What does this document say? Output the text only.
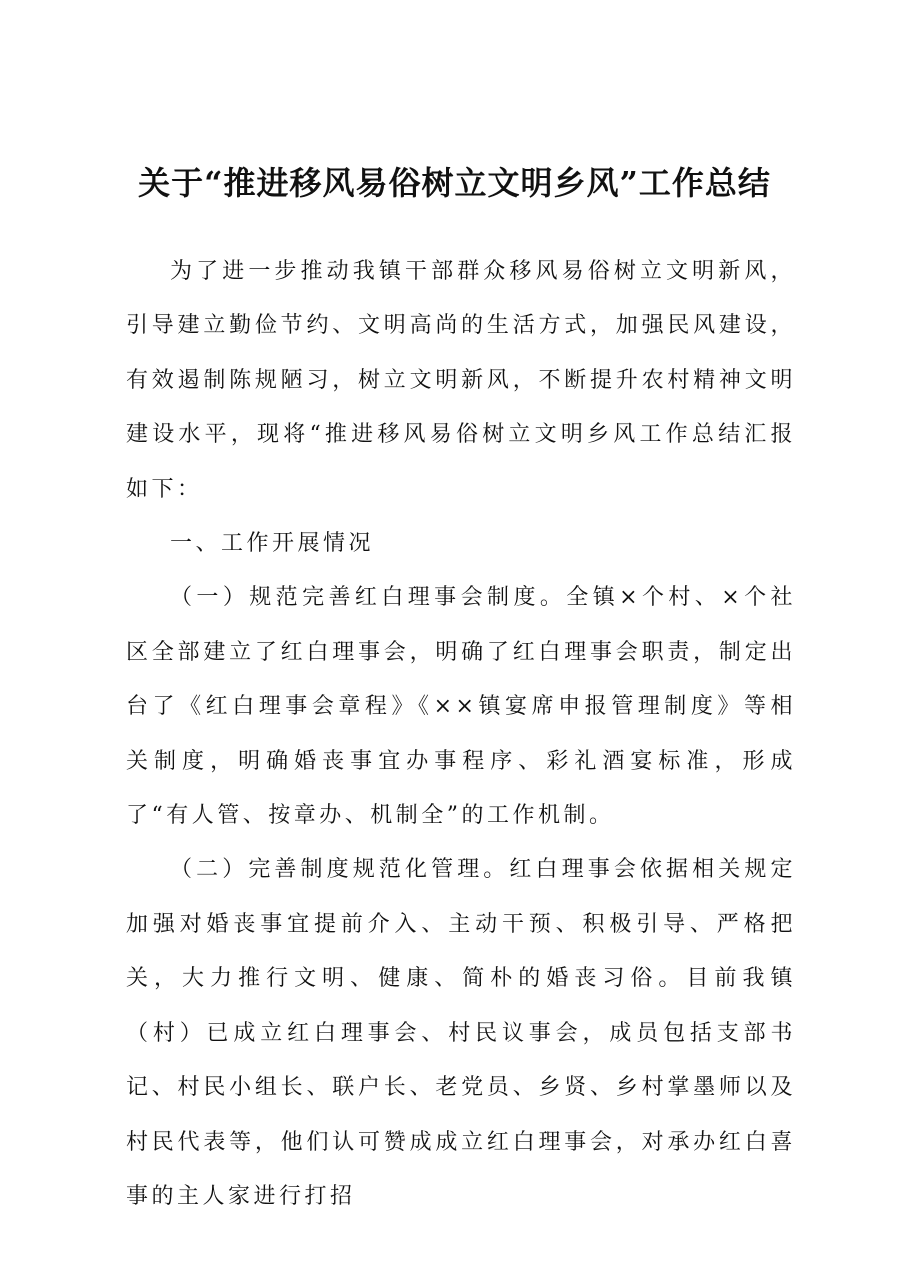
关于“推进移风易俗树立文明乡风”工作总结

为了进一步推动我镇干部群众移风易俗树立文明新风，引导建立勤俭节约、文明高尚的生活方式，加强民风建设，有效遏制陈规陋习，树立文明新风，不断提升农村精神文明建设水平，现将“推进移风易俗树立文明乡风工作总结汇报如下：

一、工作开展情况

（一）规范完善红白理事会制度。全镇×个村、×个社区全部建立了红白理事会，明确了红白理事会职责，制定出台了《红白理事会章程》《××镇宴席申报管理制度》等相关制度，明确婚丧事宜办事程序、彩礼酒宴标准，形成了“有人管、按章办、机制全”的工作机制。

（二）完善制度规范化管理。红白理事会依据相关规定加强对婚丧事宜提前介入、主动干预、积极引导、严格把关，大力推行文明、健康、简朴的婚丧习俗。目前我镇（村）已成立红白理事会、村民议事会，成员包括支部书记、村民小组长、联户长、老党员、乡贤、乡村掌墨师以及村民代表等，他们认可赞成成立红白理事会，对承办红白喜事的主人家进行打招
